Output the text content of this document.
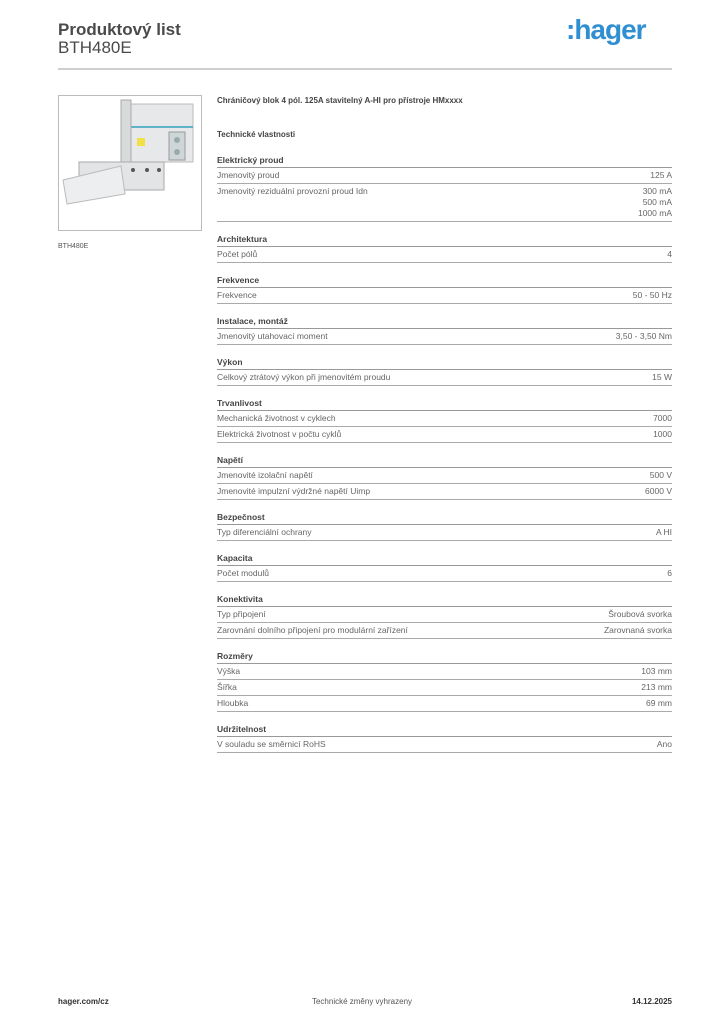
Produktový list
BTH480E
:hager
BTH480E
Chráničový blok 4 pól. 125A stavitelný A-HI pro přístroje HMxxxx
Technické vlastnosti
Elektrický proud
Jmenovitý proud	125 A
Jmenovitý reziduální provozní proud Idn	300 mA
500 mA
1000 mA
Architektura
Počet pólů	4
Frekvence
Frekvence	50 - 50 Hz
Instalace, montáž
Jmenovitý utahovací moment	3,50 - 3,50 Nm
Výkon
Celkový ztrátový výkon při jmenovitém proudu	15 W
Trvanlivost
Mechanická životnost v cyklech	7000
Elektrická životnost v počtu cyklů	1000
Napětí
Jmenovité izolační napětí	500 V
Jmenovité impulzní výdržné napětí Uimp	6000 V
Bezpečnost
Typ diferenciální ochrany	A HI
Kapacita
Počet modulů	6
Konektivita
Typ připojení	Šroubová svorka
Zarovnání dolního připojení pro modulární zařízení	Zarovnaná svorka
Rozměry
Výška	103 mm
Šířka	213 mm
Hloubka	69 mm
Udržitelnost
V souladu se směrnicí RoHS	Ano
hager.com/cz	Technické změny vyhrazeny	14.12.2025
